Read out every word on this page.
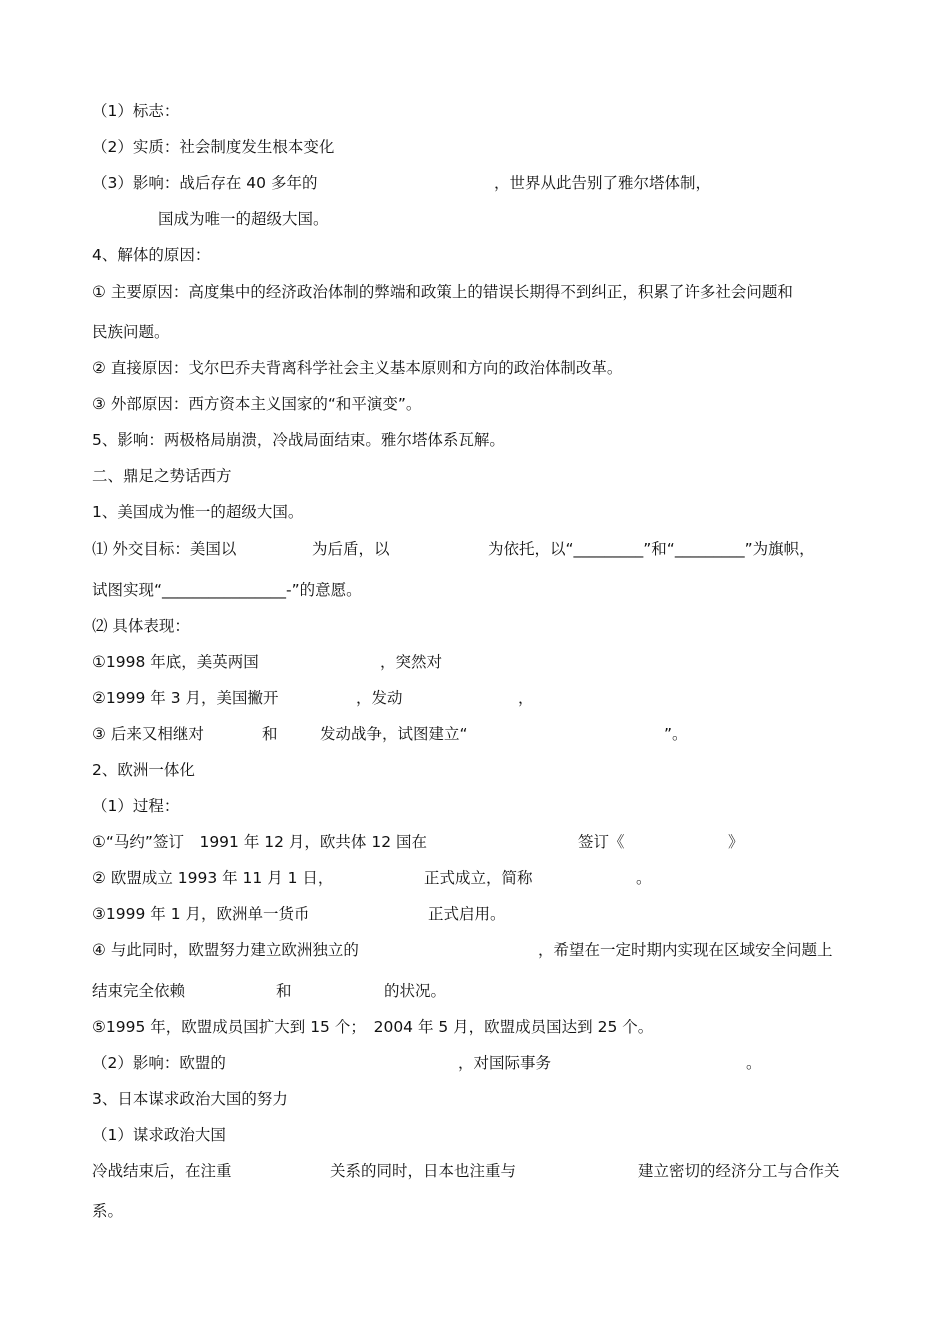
（1）标志：
（2）实质：社会制度发生根本变化
（3）影响：战后存在 40 多年的	，世界从此告别了雅尔塔体制，
国成为唯一的超级大国。
4、解体的原因：
① 主要原因：高度集中的经济政治体制的弊端和政策上的错误长期得不到纠正，积累了许多社会问题和
民族问题。
② 直接原因：戈尔巴乔夫背离科学社会主义基本原则和方向的政治体制改革。
③ 外部原因：西方资本主义国家的“和平演变”。
5、影响：两极格局崩溃，冷战局面结束。雅尔塔体系瓦解。
二、鼎足之势话西方
1、美国成为惟一的超级大国。
⑴ 外交目标：美国以	为后盾，以	为依托，以“_________”和“_________”为旗帜，
试图实现“________________-”的意愿。
⑵ 具体表现：
①1998 年底，美英两国	，突然对
②1999 年 3 月，美国撇开	，发动	，
③ 后来又相继对	和	发动战争，试图建立“	”。
2、欧洲一体化
（1）过程：
①“马约”签订　1991 年 12 月，欧共体 12 国在	签订《	》
② 欧盟成立 1993 年 11 月 1 日，	正式成立，简称	。
③1999 年 1 月，欧洲单一货币	正式启用。
④ 与此同时，欧盟努力建立欧洲独立的	，希望在一定时期内实现在区域安全问题上
结束完全依赖	和	的状况。
⑤1995 年，欧盟成员国扩大到 15 个；　2004 年 5 月，欧盟成员国达到 25 个。
（2）影响：欧盟的	，对国际事务	。
3、日本谋求政治大国的努力
（1）谋求政治大国
冷战结束后，在注重	关系的同时，日本也注重与	建立密切的经济分工与合作关
系。
